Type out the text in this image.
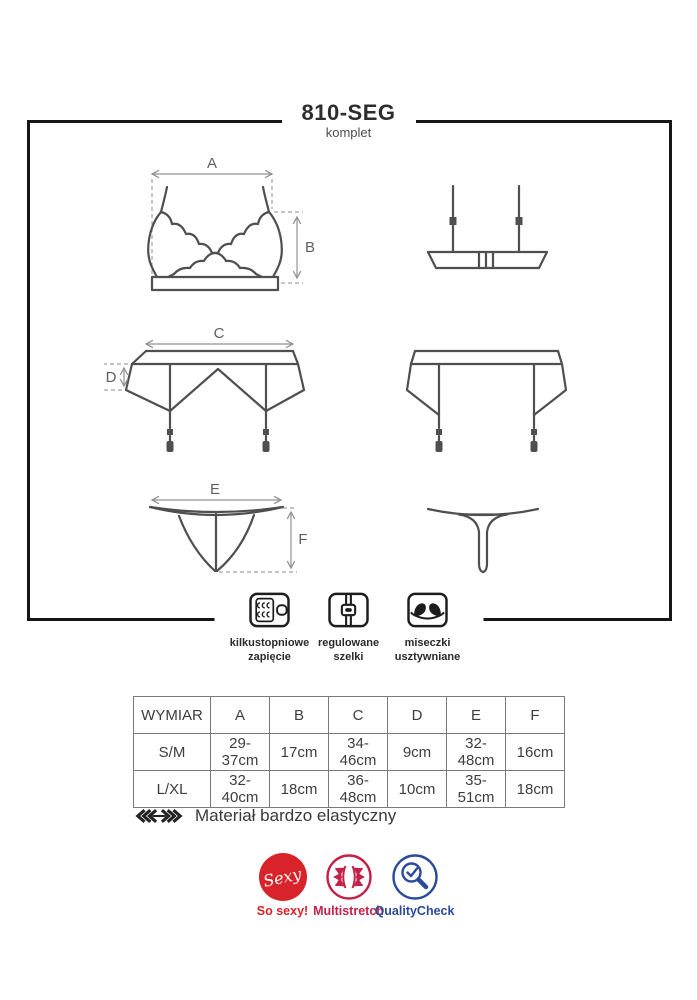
810-SEG
komplet
A
B
C
D
E
F
kilkustopniowe zapięcie
regulowane szelki
miseczki usztywniane
WYMIAR	A	B	C	D	E	F
S/M	29-37cm	17cm	34-46cm	9cm	32-48cm	16cm
L/XL	32-40cm	18cm	36-48cm	10cm	35-51cm	18cm
Materiał bardzo elastyczny
Sexy
So sexy! Multistretch
QualityCheck
